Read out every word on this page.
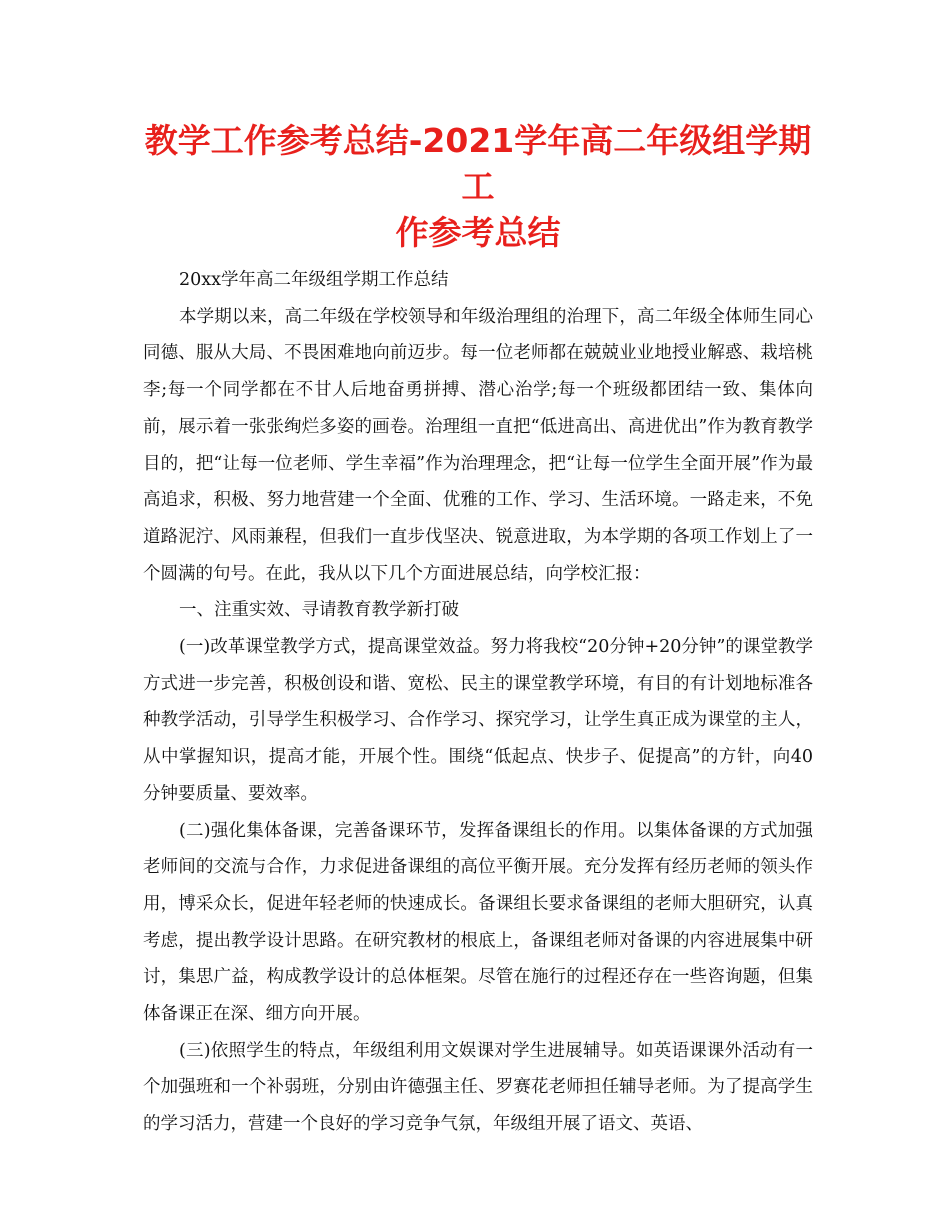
教学工作参考总结-2021学年高二年级组学期工
作参考总结

20xx学年高二年级组学期工作总结

本学期以来，高二年级在学校领导和年级治理组的治理下，高二年级全体师生同心同德、服从大局、不畏困难地向前迈步。每一位老师都在兢兢业业地授业解惑、栽培桃李;每一个同学都在不甘人后地奋勇拼搏、潜心治学;每一个班级都团结一致、集体向前，展示着一张张绚烂多姿的画卷。治理组一直把“低进高出、高进优出”作为教育教学目的，把“让每一位老师、学生幸福”作为治理理念，把“让每一位学生全面开展”作为最高追求，积极、努力地营建一个全面、优雅的工作、学习、生活环境。一路走来，不免道路泥泞、风雨兼程，但我们一直步伐坚决、锐意进取，为本学期的各项工作划上了一个圆满的句号。在此，我从以下几个方面进展总结，向学校汇报：

一、注重实效、寻请教育教学新打破

(一)改革课堂教学方式，提高课堂效益。努力将我校“20分钟+20分钟”的课堂教学方式进一步完善，积极创设和谐、宽松、民主的课堂教学环境，有目的有计划地标准各种教学活动，引导学生积极学习、合作学习、探究学习，让学生真正成为课堂的主人，从中掌握知识，提高才能，开展个性。围绕“低起点、快步子、促提高”的方针，向40分钟要质量、要效率。

(二)强化集体备课，完善备课环节，发挥备课组长的作用。以集体备课的方式加强老师间的交流与合作，力求促进备课组的高位平衡开展。充分发挥有经历老师的领头作用，博采众长，促进年轻老师的快速成长。备课组长要求备课组的老师大胆研究，认真考虑，提出教学设计思路。在研究教材的根底上，备课组老师对备课的内容进展集中研讨，集思广益，构成教学设计的总体框架。尽管在施行的过程还存在一些咨询题，但集体备课正在深、细方向开展。

(三)依照学生的特点，年级组利用文娱课对学生进展辅导。如英语课课外活动有一个加强班和一个补弱班，分别由许德强主任、罗赛花老师担任辅导老师。为了提高学生的学习活力，营建一个良好的学习竞争气氛，年级组开展了语文、英语、
